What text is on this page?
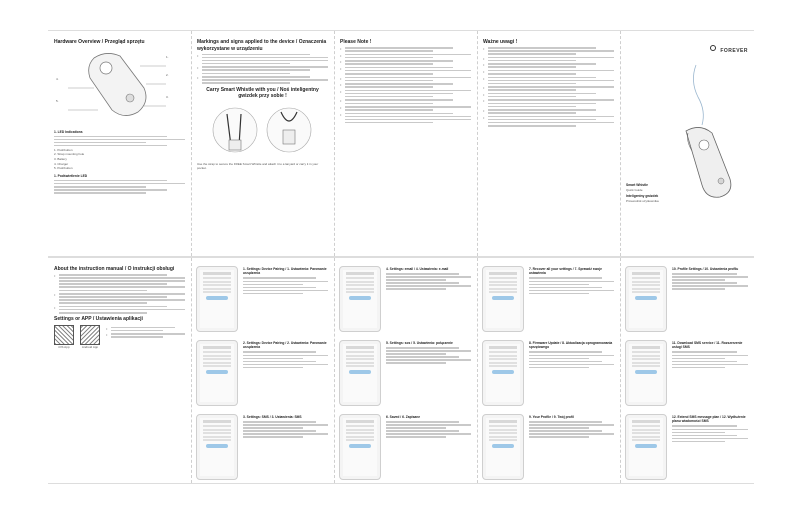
Hardware Overview / Przegląd sprzętu
1.
2.
3.
4.
5.
1. LED Indications
1. Pushbutton
2. Strap mounting hole
3. Battery
4. Charger
5. Pushbutton
1. Podświetlenie LED
Markings and signs applied to the device / Oznaczenia wykorzystane w urządzeniu
•
•
•
Carry Smart Whistle with you / Noś inteligentny gwizdek przy sobie !
Use the strap to secure the FREE Smart Whistle and attach it to a lanyard or carry it in your pocket.
Please Note !
•
•
•
•
•
•
•
•
•
•	Ważne uwagi !
•
•
•
•
•
•
•
•
•
•
FOREVER
Smart Whistle
Quick Guide
Inteligentny gwizdek
Przewodnik użytkownika
About the instruction manual / O instrukcji obsługi
•
•
•
Settings or APP / Ustawienia aplikacji
iOS App	Android App
•
•
1. Settings: Device Pairing / 1. Ustawienia: Parowanie urządzenia
2. Settings: Device Pairing / 2. Ustawienia: Parowanie urządzenia
3. Settings: SMS / 3. Ustawienia: SMS
4. Settings: email / 4. Ustawienia: e-mail
5. Settings: sos / 5. Ustawienia: połączenie
6. Saved / 6. Zapisane
7. Recover all your settings / 7. Sprawdź swoje ustawienia
8. Firmware Update / 8. Aktualizacja oprogramowania sprzętowego
9. Your Profile / 9. Twój profil
10. Profile Settings / 10. Ustawienia profilu
11. Download SMS service / 11. Rozszerzenie usługi SMS
12. Extend SMS message plan / 12. Wydłużenie planu wiadomości SMS
